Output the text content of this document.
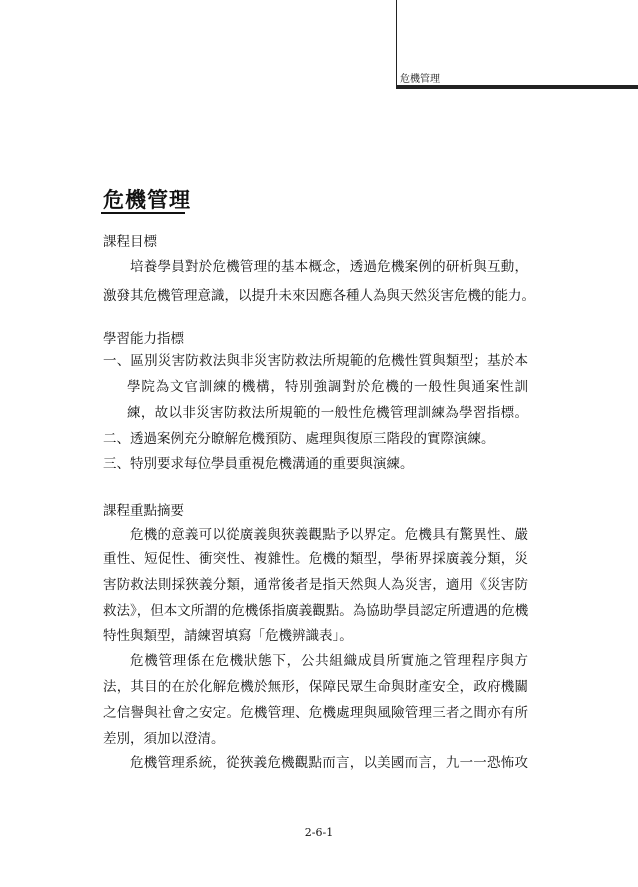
危機管理
危機管理
課程目標
培養學員對於危機管理的基本概念，透過危機案例的研析與互動，
激發其危機管理意識，以提升未來因應各種人為與天然災害危機的能力。
學習能力指標
一、區別災害防救法與非災害防救法所規範的危機性質與類型；基於本
學院為文官訓練的機構，特別強調對於危機的一般性與通案性訓
練，故以非災害防救法所規範的一般性危機管理訓練為學習指標。
二、透過案例充分瞭解危機預防、處理與復原三階段的實際演練。
三、特別要求每位學員重視危機溝通的重要與演練。
課程重點摘要
危機的意義可以從廣義與狹義觀點予以界定。危機具有驚異性、嚴
重性、短促性、衝突性、複雜性。危機的類型，學術界採廣義分類，災
害防救法則採狹義分類，通常後者是指天然與人為災害，適用《災害防
救法》，但本文所謂的危機係指廣義觀點。為協助學員認定所遭遇的危機
特性與類型，請練習填寫「危機辨識表」。
危機管理係在危機狀態下，公共組織成員所實施之管理程序與方
法，其目的在於化解危機於無形，保障民眾生命與財產安全，政府機關
之信譽與社會之安定。危機管理、危機處理與風險管理三者之間亦有所
差別，須加以澄清。
危機管理系統，從狹義危機觀點而言，以美國而言，九一一恐怖攻
2-6-1
